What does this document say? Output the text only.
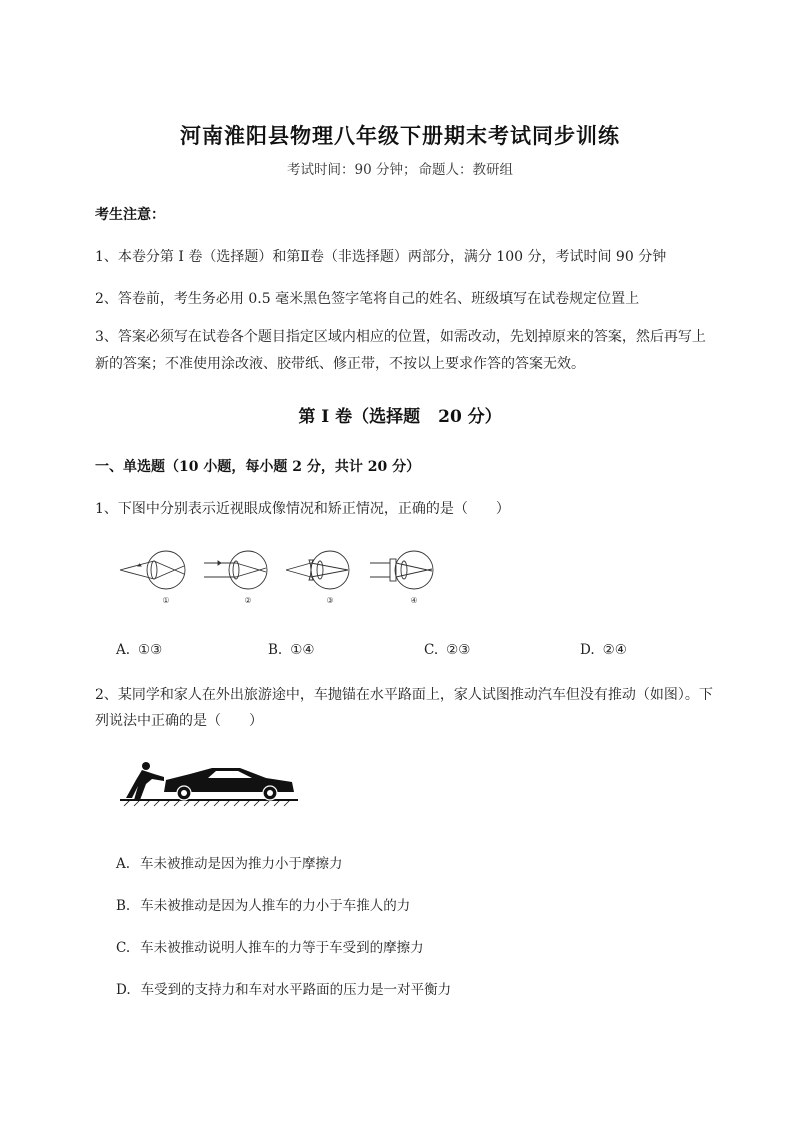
河南淮阳县物理八年级下册期末考试同步训练
考试时间：90 分钟； 命题人：教研组
考生注意：
1、本卷分第 I 卷（选择题）和第Ⅱ卷（非选择题）两部分，满分 100 分，考试时间 90 分钟
2、答卷前，考生务必用 0.5 毫米黑色签字笔将自己的姓名、班级填写在试卷规定位置上
3、答案必须写在试卷各个题目指定区域内相应的位置，如需改动，先划掉原来的答案，然后再写上新的答案；不准使用涂改液、胶带纸、修正带，不按以上要求作答的答案无效。
第 I 卷（选择题 20 分）
一、单选题（10 小题，每小题 2 分，共计 20 分）
1、下图中分别表示近视眼成像情况和矫正情况，正确的是（　　）
①	②	③	④
A. ①③	B. ①④	C. ②③	D. ②④
2、某同学和家人在外出旅游途中，车抛锚在水平路面上，家人试图推动汽车但没有推动（如图）。下
列说法中正确的是（　　）
A. 车未被推动是因为推力小于摩擦力
B. 车未被推动是因为人推车的力小于车推人的力
C. 车未被推动说明人推车的力等于车受到的摩擦力
D. 车受到的支持力和车对水平路面的压力是一对平衡力
